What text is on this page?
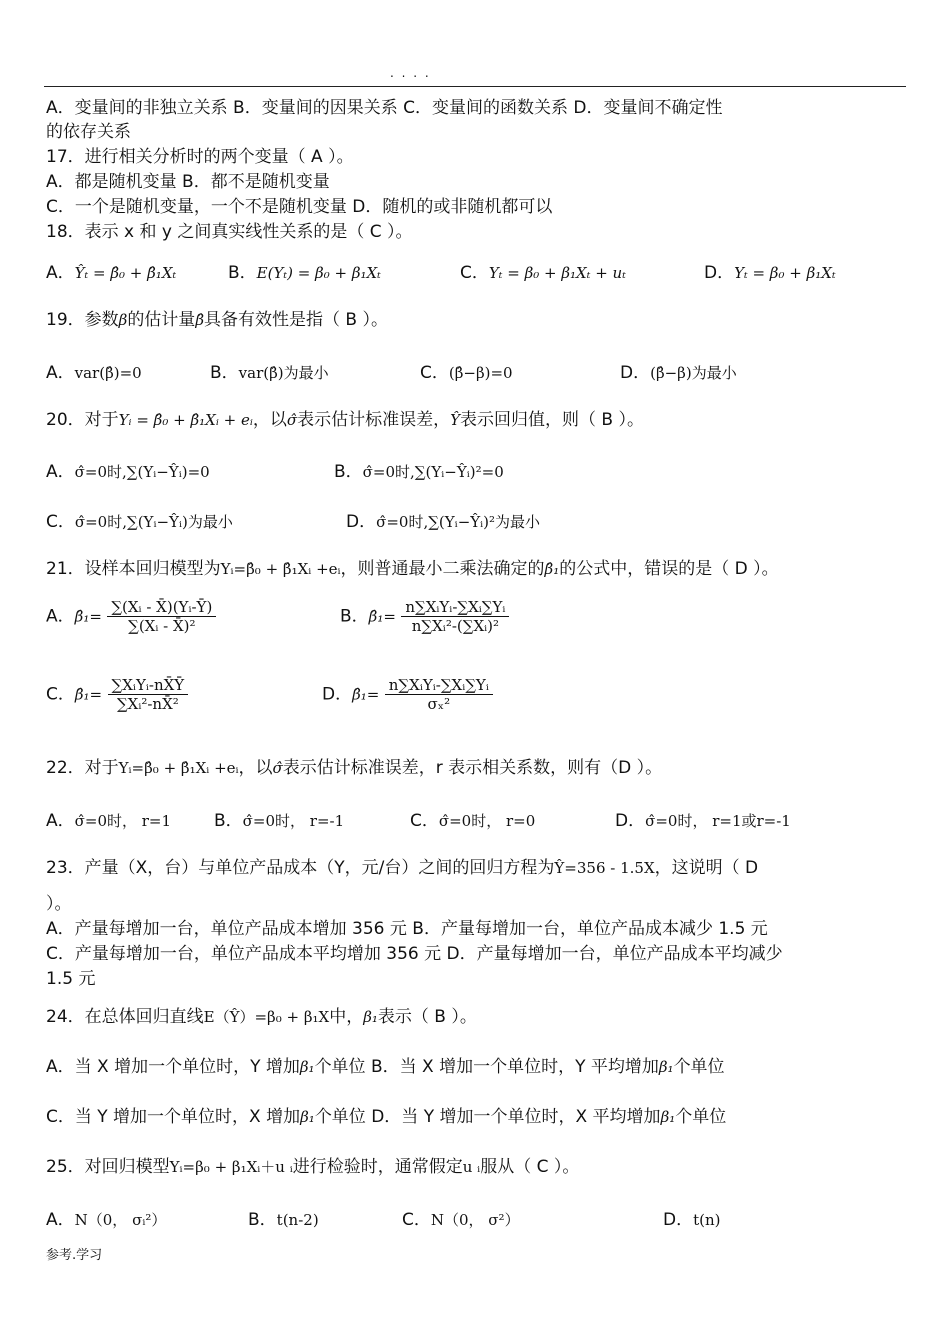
. . . .
A．变量间的非独立关系 B．变量间的因果关系 C．变量间的函数关系 D．变量间不确定性
的依存关系
17．进行相关分析时的两个变量（ A ）。
A．都是随机变量 B．都不是随机变量
C．一个是随机变量，一个不是随机变量 D．随机的或非随机都可以
18．表示 x 和 y 之间真实线性关系的是（ C ）。
A．Ŷₜ = β̂₀ + β̂₁Xₜ	B．E(Yₜ) = β₀ + β₁Xₜ	C．Yₜ = β₀ + β₁Xₜ + uₜ	D．Yₜ = β₀ + β₁Xₜ
19．参数β的估计量β̂具备有效性是指（ B ）。
A．var(β̂)=0	B．var(β̂)为最小	C．(β̂−β)=0	D．(β̂−β)为最小
20．对于Yᵢ = β̂₀ + β̂₁Xᵢ + eᵢ，以σ̂表示估计标准误差，Ŷ表示回归值，则（ B ）。
A．σ̂=0时,∑(Yᵢ−Ŷᵢ)=0	B．σ̂=0时,∑(Yᵢ−Ŷᵢ)²=0
C．σ̂=0时,∑(Yᵢ−Ŷᵢ)为最小	D．σ̂=0时,∑(Yᵢ−Ŷᵢ)²为最小
21．设样本回归模型为Yᵢ=β̂₀ + β̂₁Xᵢ +eᵢ，则普通最小二乘法确定的β̂₁的公式中，错误的是（ D ）。
A．β̂₁= $\frac{\text{∑(Xᵢ - X̄)(Yᵢ-Ȳ)}}{\text{∑(Xᵢ - X̄)²}}$	B．β̂₁= $\frac{\text{n∑XᵢYᵢ-∑Xᵢ∑Yᵢ}}{\text{n∑Xᵢ²-(∑Xᵢ)²}}$
C．β̂₁= $\frac{\text{∑XᵢYᵢ-nX̄Ȳ}}{\text{∑Xᵢ²-nX̄²}}$	D．β̂₁= $\frac{\text{n∑XᵢYᵢ-∑Xᵢ∑Yᵢ}}{\text{σₓ²}}$
22．对于Yᵢ=β̂₀ + β̂₁Xᵢ +eᵢ，以σ̂表示估计标准误差，r 表示相关系数，则有（D ）。
A．σ̂=0时， r=1	B．σ̂=0时， r=-1	C．σ̂=0时， r=0	D．σ̂=0时， r=1或r=-1
23．产量（X，台）与单位产品成本（Y，元/台）之间的回归方程为Ŷ=356 - 1.5X，这说明（ D
）。
A．产量每增加一台，单位产品成本增加 356 元 B．产量每增加一台，单位产品成本减少 1.5 元
C．产量每增加一台，单位产品成本平均增加 356 元 D．产量每增加一台，单位产品成本平均减少
1.5 元
24．在总体回归直线E（Ŷ）=β₀ + β₁X中，β₁表示（ B ）。
A．当 X 增加一个单位时，Y 增加β₁个单位 B．当 X 增加一个单位时，Y 平均增加β₁个单位
C．当 Y 增加一个单位时，X 增加β₁个单位 D．当 Y 增加一个单位时，X 平均增加β₁个单位
25．对回归模型Yᵢ=β₀ + β₁Xᵢ＋u ᵢ进行检验时，通常假定u ᵢ服从（ C ）。
A．N（0， σᵢ²）	B．t(n-2)	C．N（0， σ²）	D．t(n)
参考.学习
